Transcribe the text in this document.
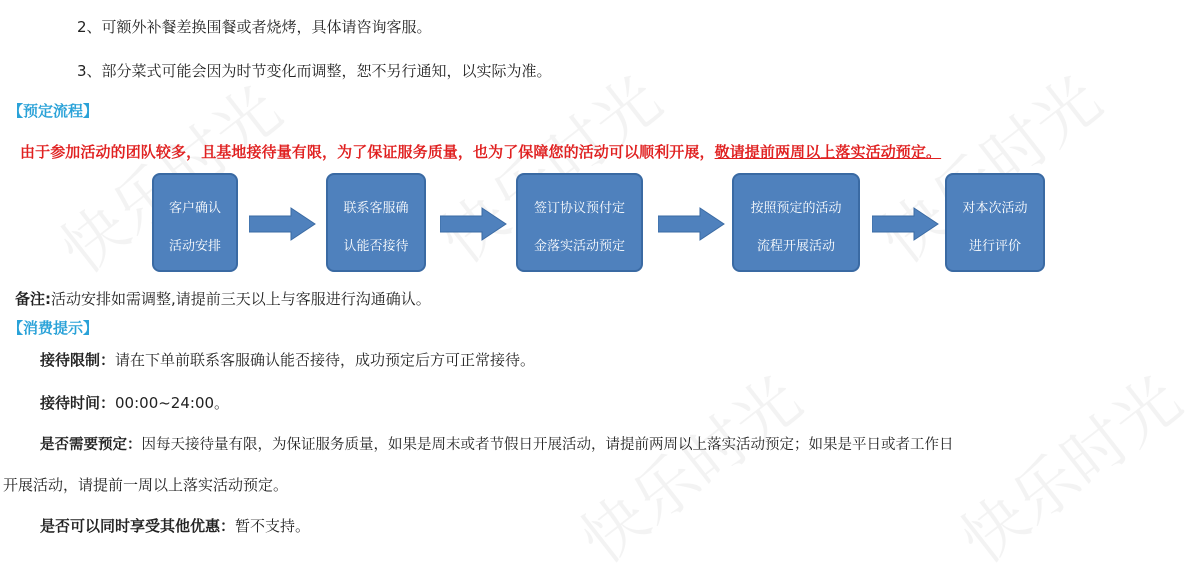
2、可额外补餐差换围餐或者烧烤，具体请咨询客服。
3、部分菜式可能会因为时节变化而调整，恕不另行通知，以实际为准。
【预定流程】
由于参加活动的团队较多，且基地接待量有限，为了保证服务质量，也为了保障您的活动可以顺利开展，敬请提前两周以上落实活动预定。
客户确认
活动安排
联系客服确
认能否接待
签订协议预付定
金落实活动预定
按照预定的活动
流程开展活动
对本次活动
进行评价
备注:活动安排如需调整,请提前三天以上与客服进行沟通确认。
【消费提示】
接待限制：请在下单前联系客服确认能否接待，成功预定后方可正常接待。
接待时间：00:00~24:00。
是否需要预定：因每天接待量有限，为保证服务质量，如果是周末或者节假日开展活动，请提前两周以上落实活动预定；如果是平日或者工作日
开展活动，请提前一周以上落实活动预定。
是否可以同时享受其他优惠：暂不支持。
